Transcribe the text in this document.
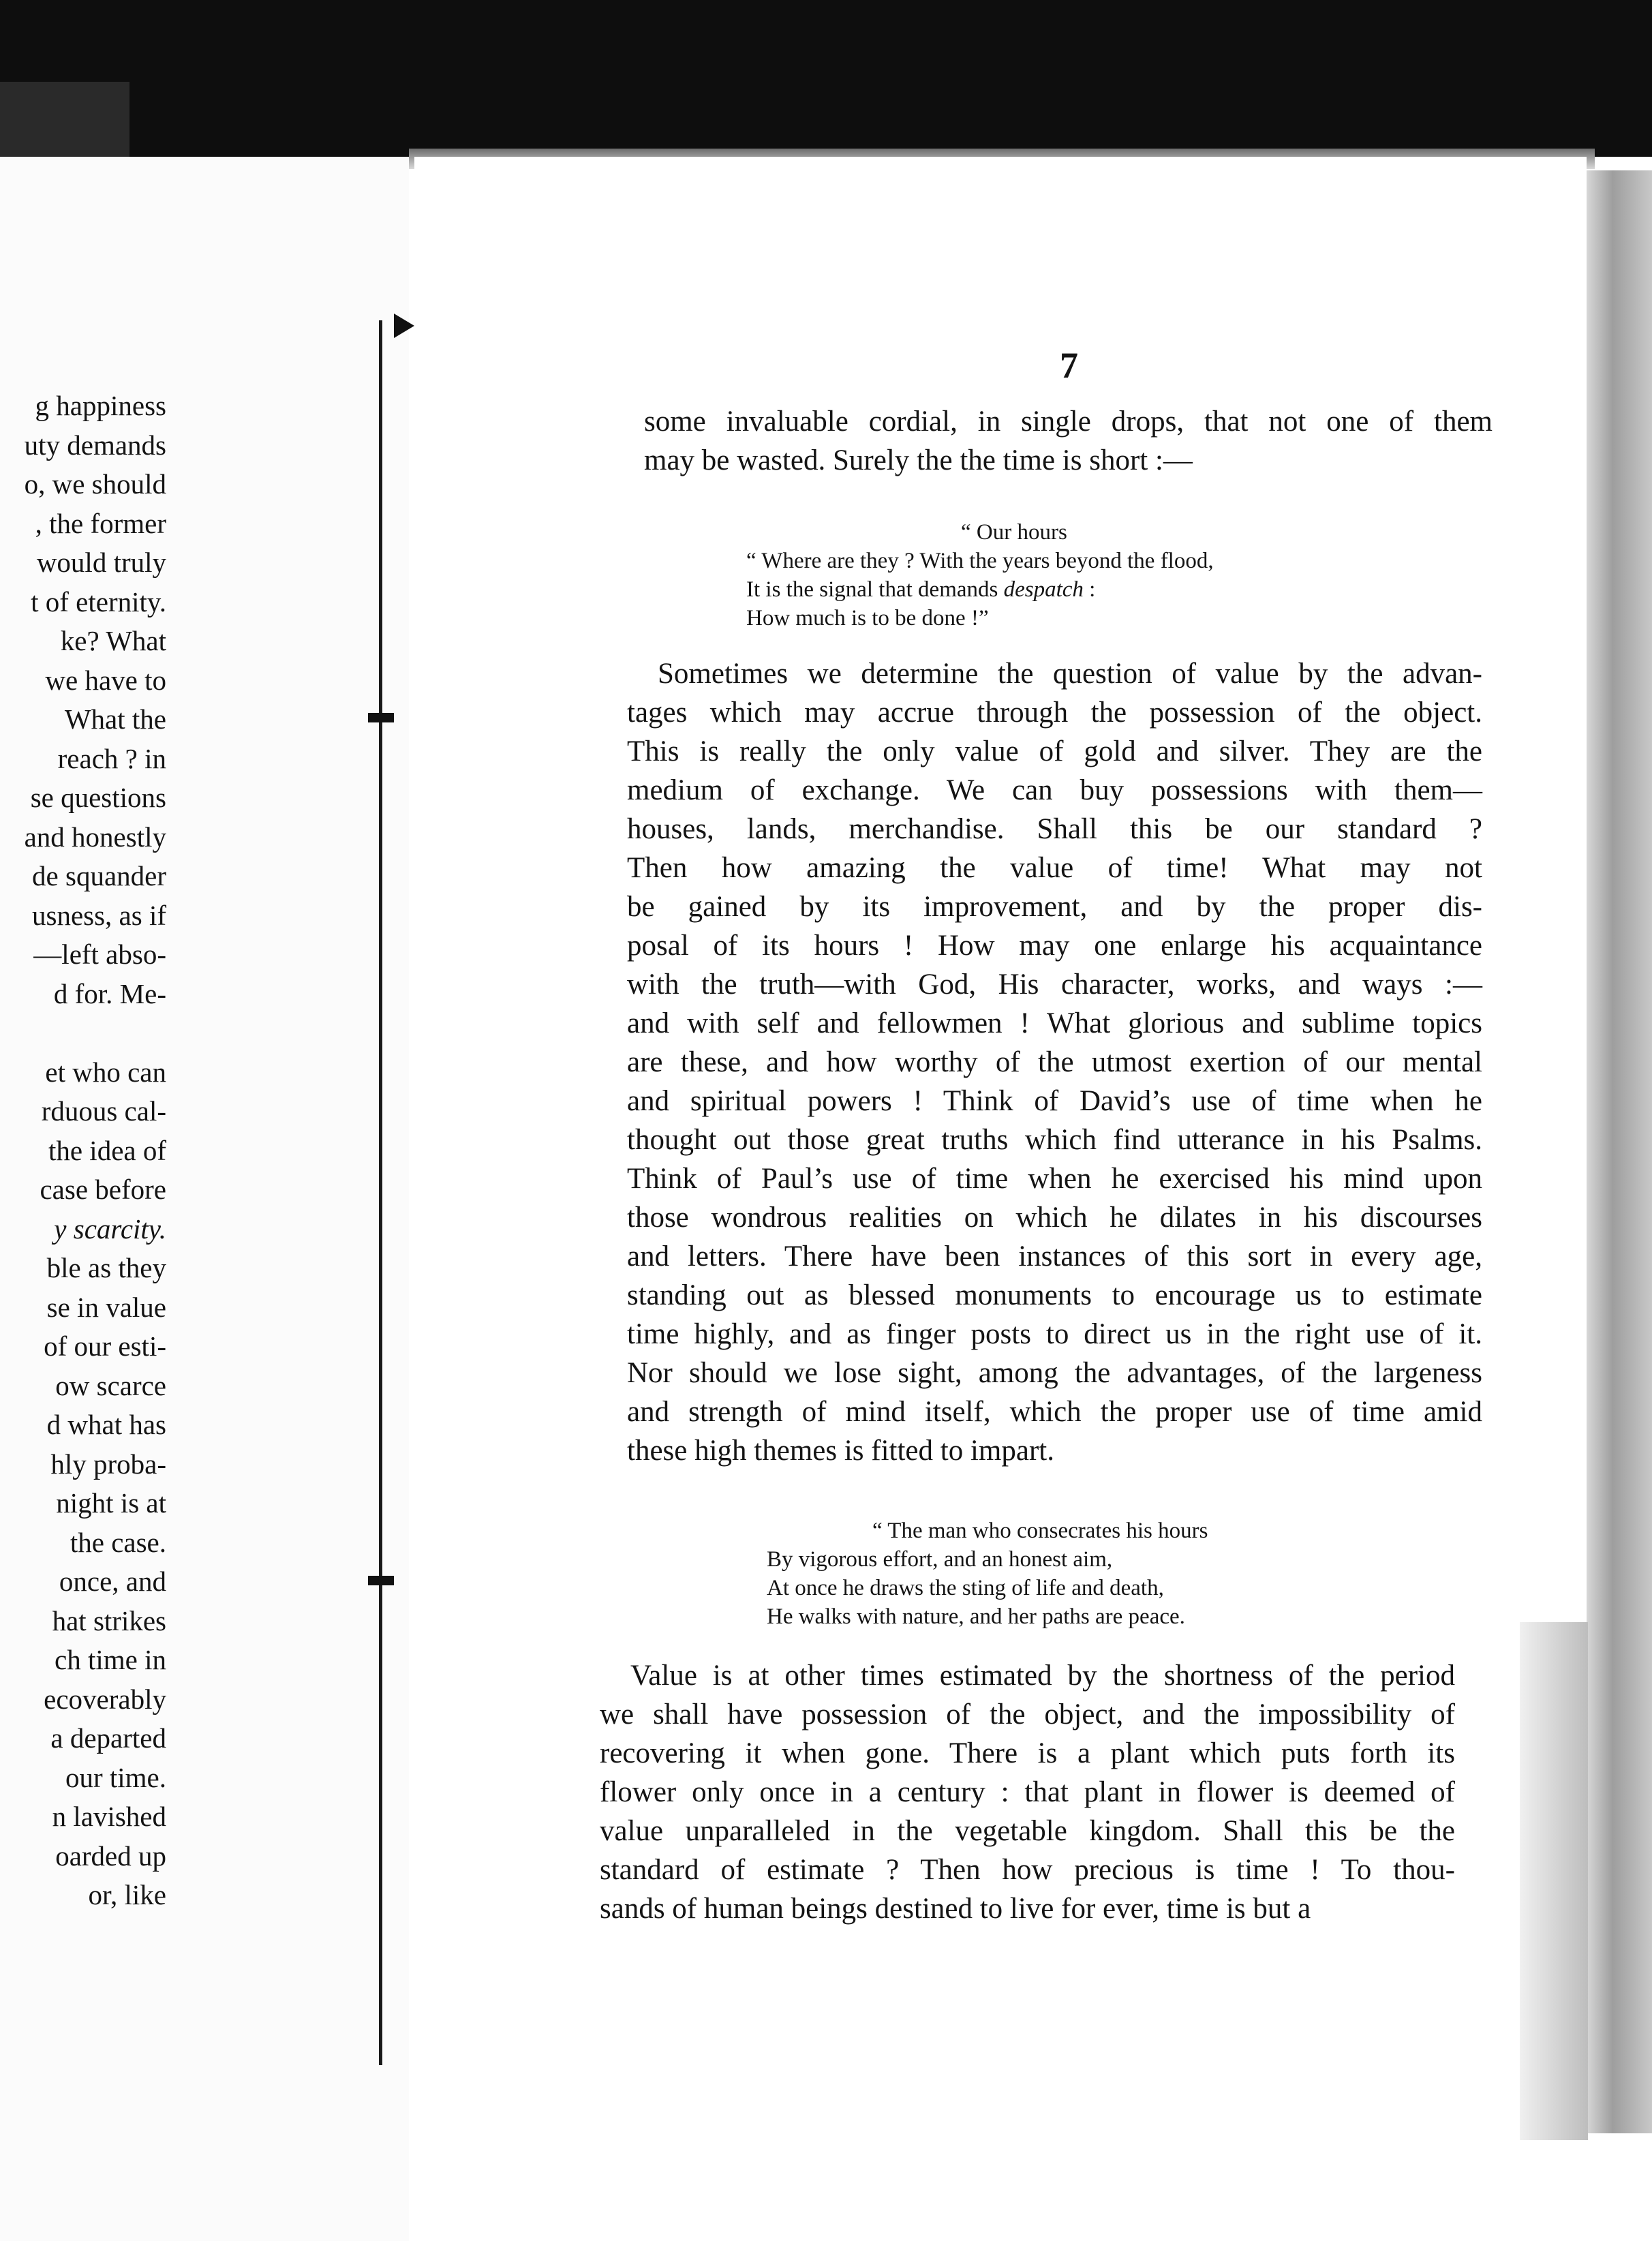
g happiness
uty demands
o, we should
, the former
would truly
t of eternity.
ke? What
we have to
What the
reach ? in
se questions
and honestly
de squander
usness, as if
—left abso-
d for. Me-
et who can
rduous cal-
the idea of
case before
y scarcity.
ble as they
se in value
of our esti-
ow scarce
d what has
hly proba-
night is at
the case.
once, and
hat strikes
ch time in
ecoverably
a departed
our time.
n lavished
oarded up
or, like
7
some invaluable cordial, in single drops, that not one of them
may be wasted. Surely the the time is short :—
“ Our hours
“ Where are they ? With the years beyond the flood,
It is the signal that demands despatch :
How much is to be done !”
Sometimes we determine the question of value by the advan-
tages which may accrue through the possession of the object.
This is really the only value of gold and silver. They are the
medium of exchange. We can buy possessions with them—
houses, lands, merchandise. Shall this be our standard ?
Then how amazing the value of time! What may not
be gained by its improvement, and by the proper dis-
posal of its hours ! How may one enlarge his acquaintance
with the truth—with God, His character, works, and ways :—
and with self and fellowmen ! What glorious and sublime topics
are these, and how worthy of the utmost exertion of our mental
and spiritual powers ! Think of David’s use of time when he
thought out those great truths which find utterance in his Psalms.
Think of Paul’s use of time when he exercised his mind upon
those wondrous realities on which he dilates in his discourses
and letters. There have been instances of this sort in every age,
standing out as blessed monuments to encourage us to estimate
time highly, and as finger posts to direct us in the right use of it.
Nor should we lose sight, among the advantages, of the largeness
and strength of mind itself, which the proper use of time amid
these high themes is fitted to impart.
“ The man who consecrates his hours
By vigorous effort, and an honest aim,
At once he draws the sting of life and death,
He walks with nature, and her paths are peace.
Value is at other times estimated by the shortness of the period
we shall have possession of the object, and the impossibility of
recovering it when gone. There is a plant which puts forth its
flower only once in a century : that plant in flower is deemed of
value unparalleled in the vegetable kingdom. Shall this be the
standard of estimate ? Then how precious is time ! To thou-
sands of human beings destined to live for ever, time is but a
